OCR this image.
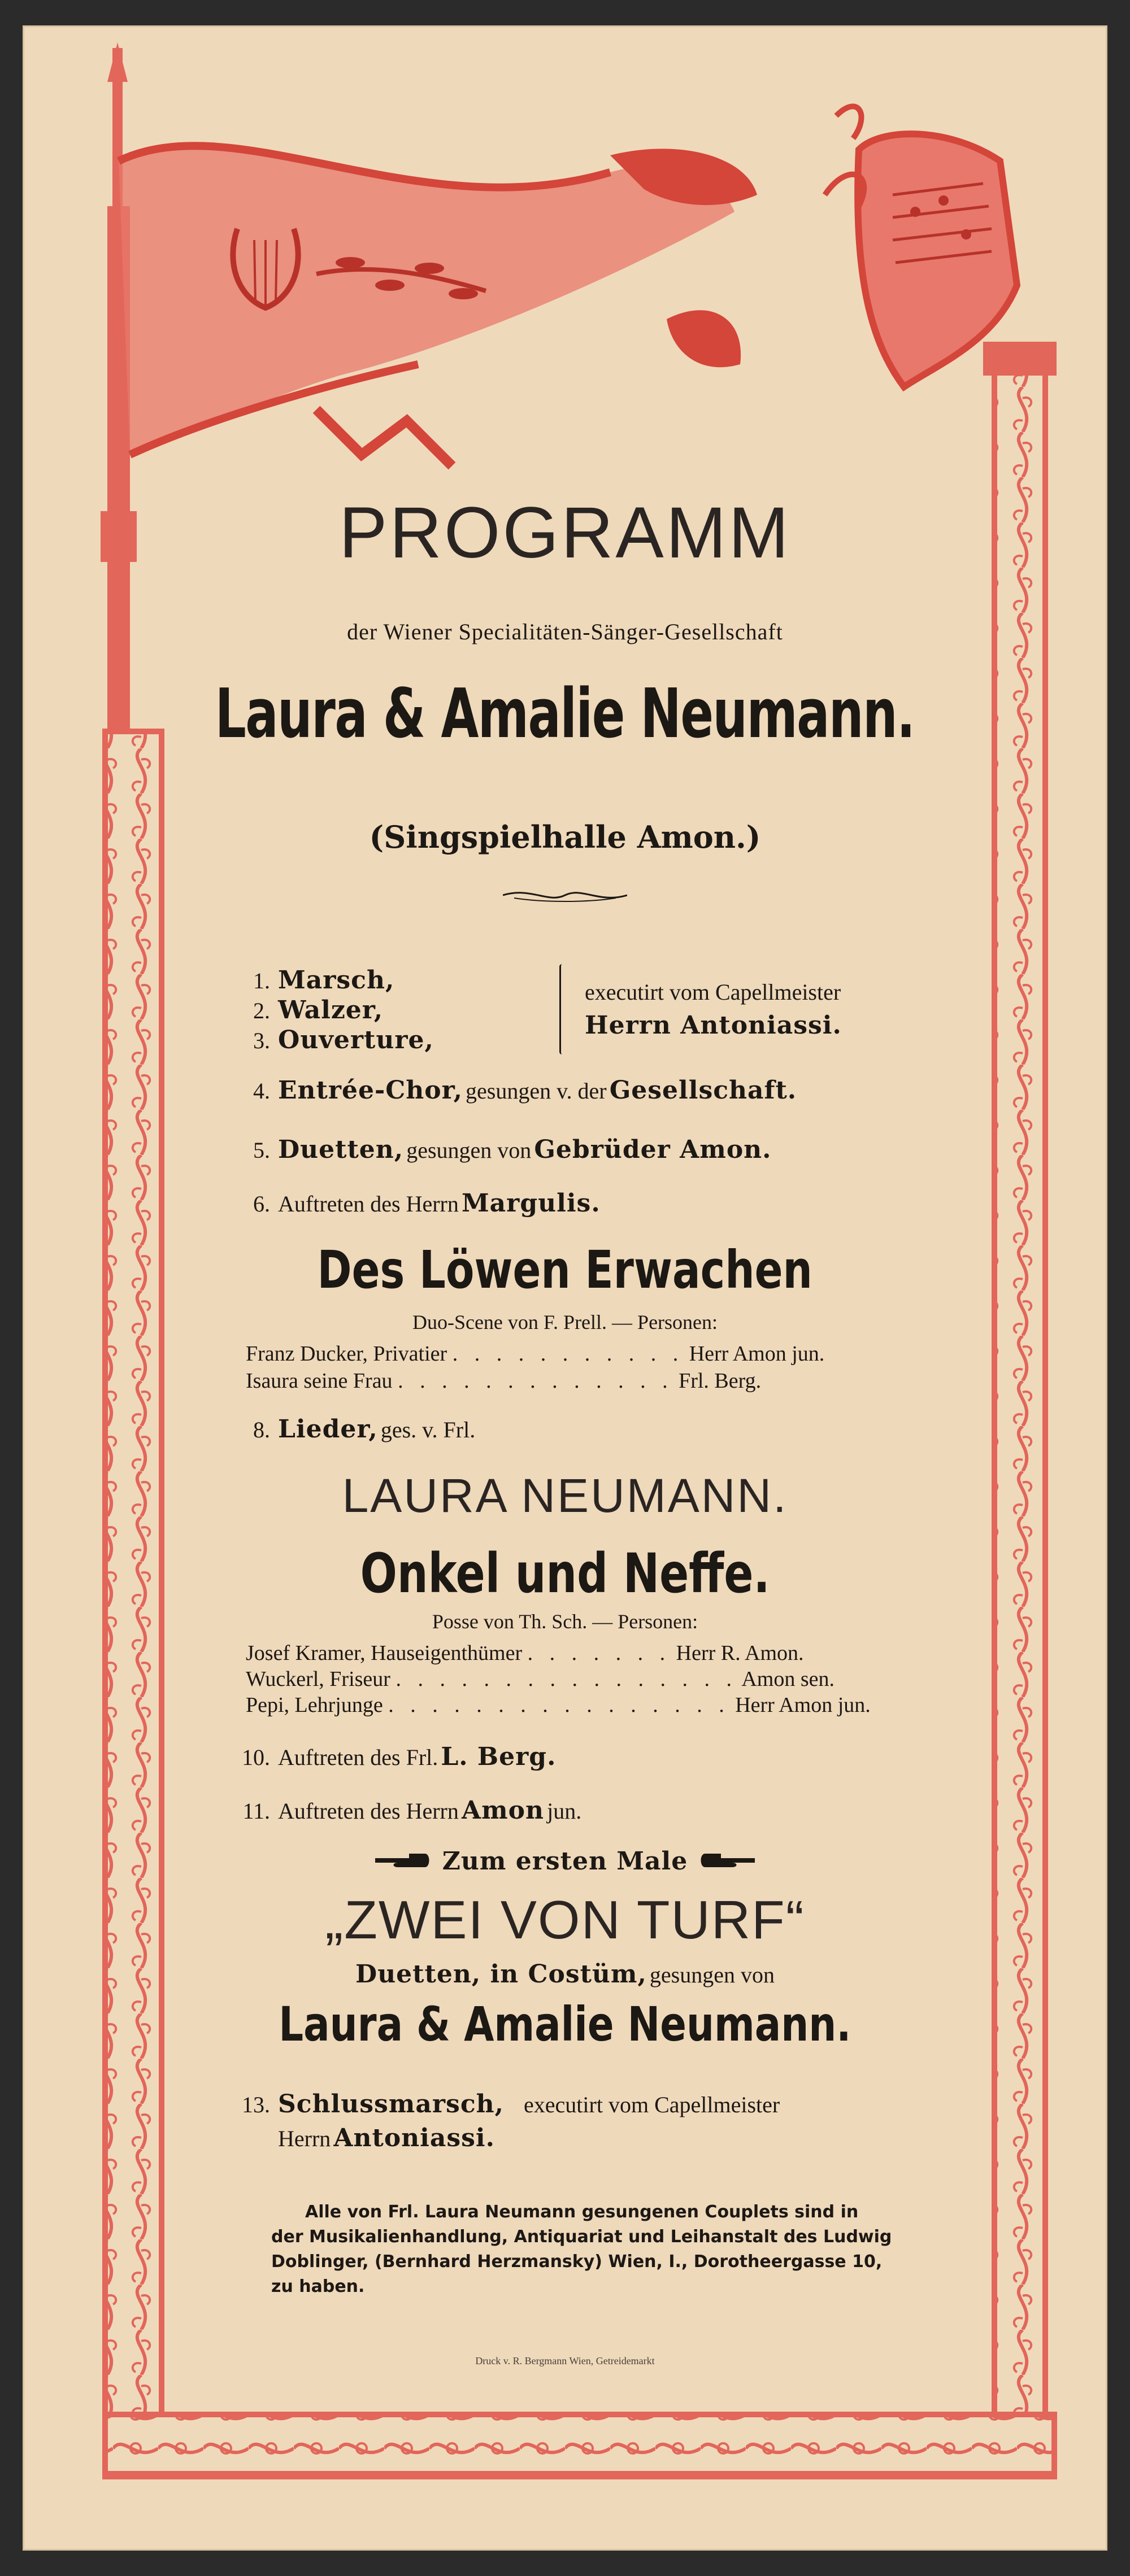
PROGRAMM
der Wiener Specialitäten-Sänger-Gesellschaft
Laura & Amalie Neumann.
(Singspielhalle Amon.)
1. Marsch,
2. Walzer,
3. Ouverture,
executirt vom Capellmeister
Herrn Antoniassi.
4. Entrée-Chor, gesungen v. der Gesellschaft.
5. Duetten, gesungen von Gebrüder Amon.
6. Auftreten des Herrn Margulis.
Des Löwen Erwachen
Duo-Scene von F. Prell. — Personen:
Franz Ducker, Privatier . . . . . . . . . . . Herr Amon jun.
Isaura seine Frau . . . . . . . . . . . . . Frl. Berg.
8. Lieder, ges. v. Frl.
LAURA NEUMANN.
Onkel und Neffe.
Posse von Th. Sch. — Personen:
Josef Kramer, Hauseigenthümer . . . . . . . Herr R. Amon.
Wuckerl, Friseur . . . . . . . . . . . . . . . . Amon sen.
Pepi, Lehrjunge . . . . . . . . . . . . . . . . Herr Amon jun.
10. Auftreten des Frl. L. Berg.
11. Auftreten des Herrn Amon jun.
Zum ersten Male
„ZWEI VON TURF“
Duetten, in Costüm, gesungen von
Laura & Amalie Neumann.
13. Schlussmarsch, executirt vom Capellmeister
Herrn Antoniassi.
Alle von Frl. Laura Neumann gesungenen Couplets sind in
der Musikalienhandlung, Antiquariat und Leihanstalt des Ludwig
Doblinger, (Bernhard Herzmansky) Wien, I., Dorotheergasse 10,
zu haben.
Druck v. R. Bergmann Wien, Getreidemarkt
